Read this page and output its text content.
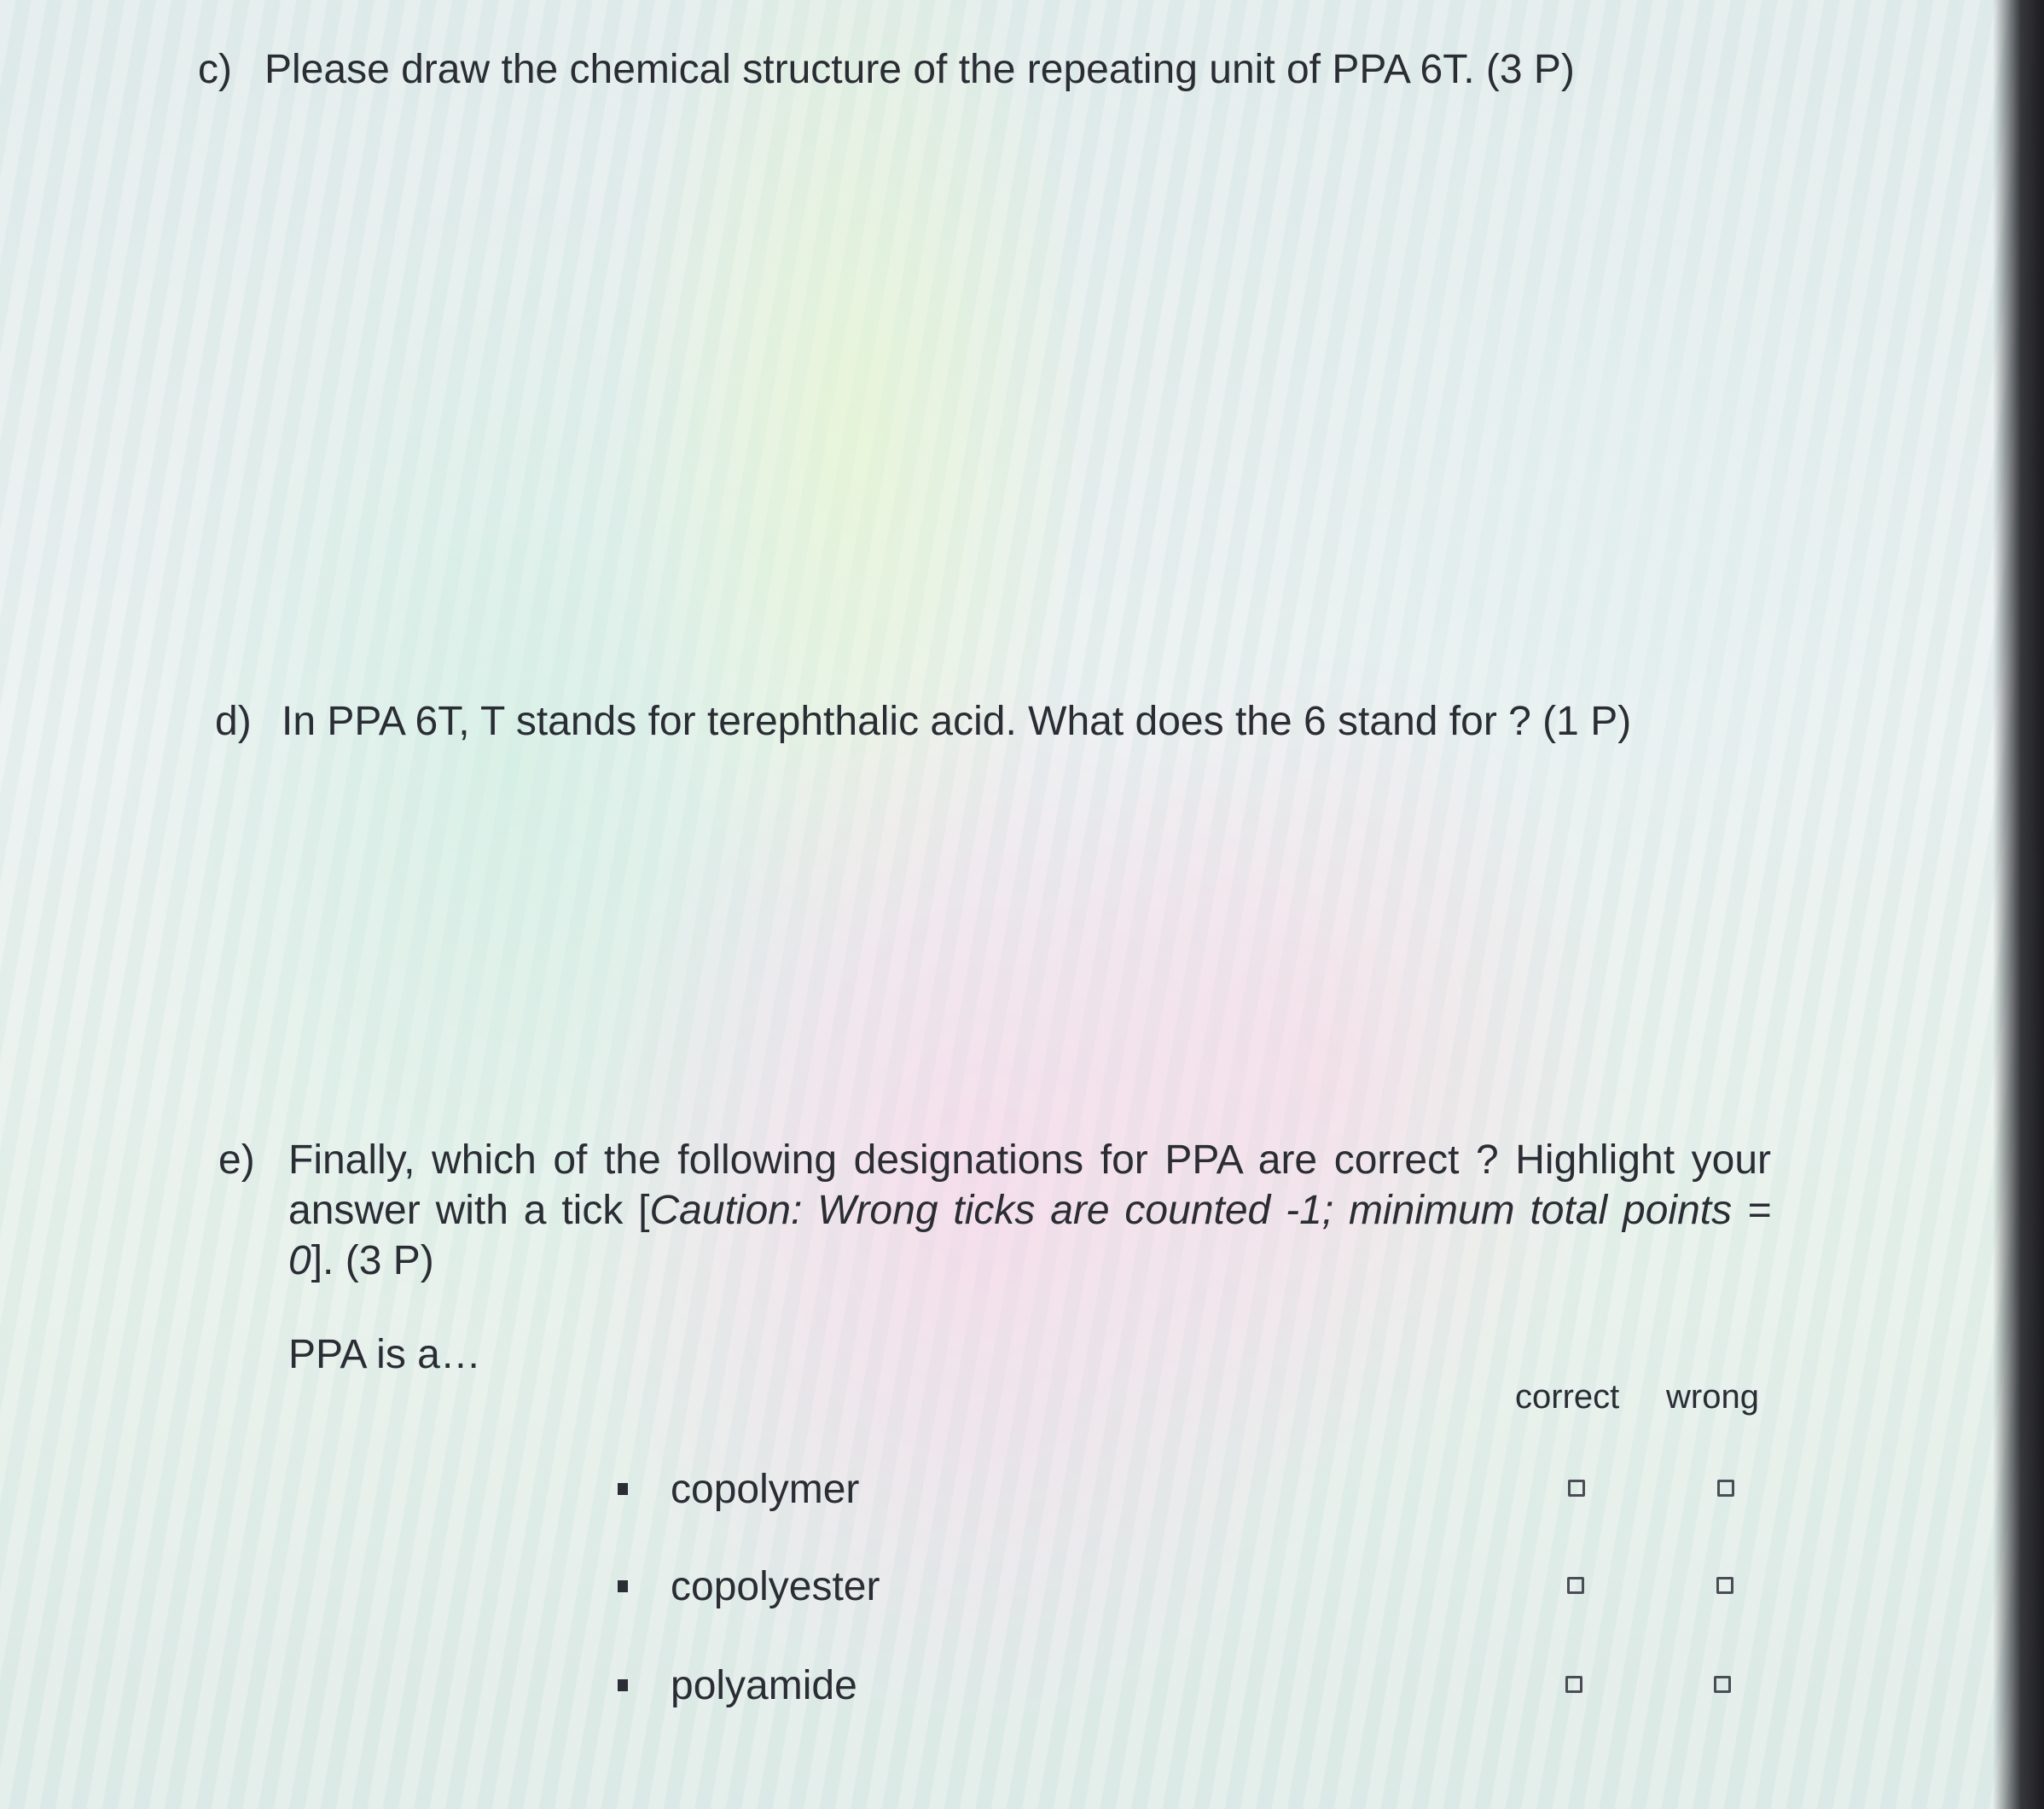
c) Please draw the chemical structure of the repeating unit of PPA 6T. (3 P)
d) In PPA 6T, T stands for terephthalic acid. What does the 6 stand for ? (1 P)
e) Finally, which of the following designations for PPA are correct ? Highlight your answer with a tick [Caution: Wrong ticks are counted -1; minimum total points = 0]. (3 P)
PPA is a…
correct wrong
copolymer
copolyester
polyamide
